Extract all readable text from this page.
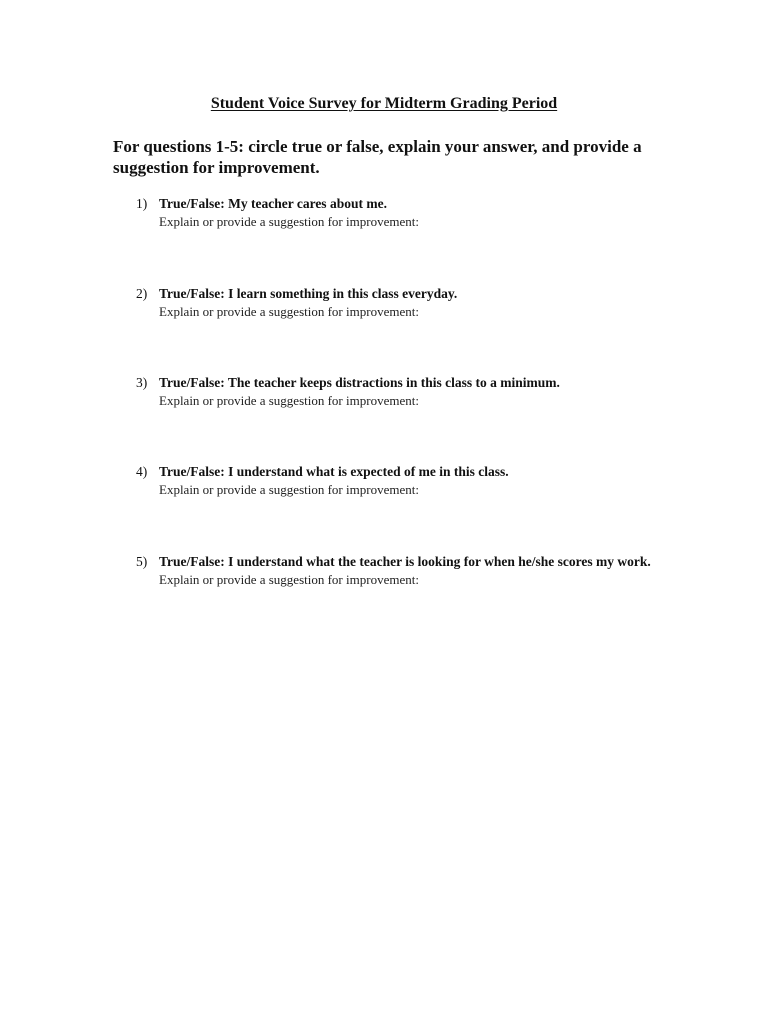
Student Voice Survey for Midterm Grading Period
For questions 1-5: circle true or false, explain your answer, and provide a suggestion for improvement.
1) True/False: My teacher cares about me.
Explain or provide a suggestion for improvement:
2) True/False: I learn something in this class everyday.
Explain or provide a suggestion for improvement:
3) True/False: The teacher keeps distractions in this class to a minimum.
Explain or provide a suggestion for improvement:
4) True/False: I understand what is expected of me in this class.
Explain or provide a suggestion for improvement:
5) True/False: I understand what the teacher is looking for when he/she scores my work.
Explain or provide a suggestion for improvement:
